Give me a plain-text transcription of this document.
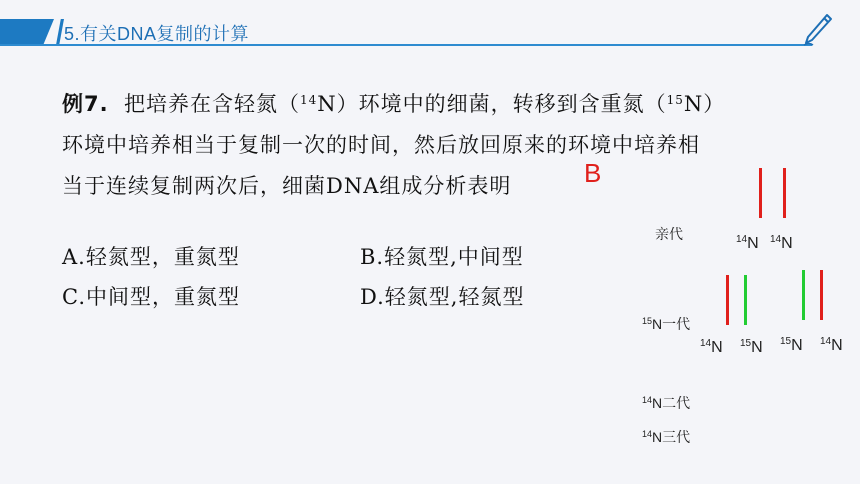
5.有关DNA复制的计算

例7. 把培养在含轻氮（$^{14}$N）环境中的细菌，转移到含重氮（$^{15}$N）

环境中培养相当于复制一次的时间，然后放回原来的环境中培养相

当于连续复制两次后，细菌DNA组成分析表明	B
A.轻氮型，重氮型	B.轻氮型,中间型
C.中间型，重氮型	D.轻氮型,轻氮型
亲代	$^{14}$N $^{14}$N
$^{15}$N一代
$^{14}$N $^{15}$N $^{15}$N $^{14}$N
$^{14}$N二代
$^{14}$N三代
